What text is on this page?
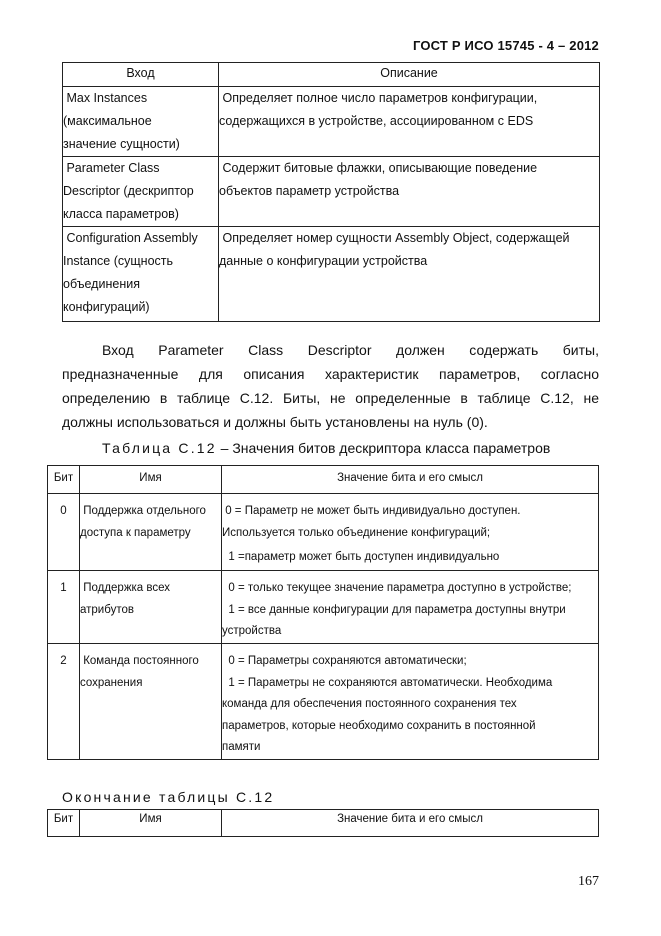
ГОСТ Р ИСО 15745 - 4 – 2012
Вход	Описание

Max Instances
(максимальное
значение сущности)	Определяет полное число параметров конфигурации,
содержащихся в устройстве, ассоциированном с EDS

Parameter Class
Descriptor (дескриптор
класса параметров)	Содержит битовые флажки, описывающие поведение
объектов параметр устройства

Configuration Assembly
Instance (сущность
объединения
конфигураций)	Определяет номер сущности Assembly Object, содержащей
данные о конфигурации устройства
Вход Parameter Class Descriptor должен содержать биты,
предназначенные для описания характеристик параметров, согласно
определению в таблице С.12. Биты, не определенные в таблице С.12, не
должны использоваться и должны быть установлены на нуль (0).
Таблица С.12 – Значения битов дескриптора класса параметров
Бит	Имя	Значение бита и его смысл
0	Поддержка отдельного
доступа к параметру	0 = Параметр не может быть индивидуально доступен.
Используется только объединение конфигураций;
1 =параметр может быть доступен индивидуально

1	Поддержка всех
атрибутов	0 = только текущее значение параметра доступно в устройстве;
1 = все данные конфигурации для параметра доступны внутри
устройства

2	Команда постоянного
сохранения	0 = Параметры сохраняются автоматически;
1 = Параметры не сохраняются автоматически. Необходима
команда для обеспечения постоянного сохранения тех
параметров, которые необходимо сохранить в постоянной
памяти
Окончание таблицы С.12
Бит	Имя	Значение бита и его смысл
167
